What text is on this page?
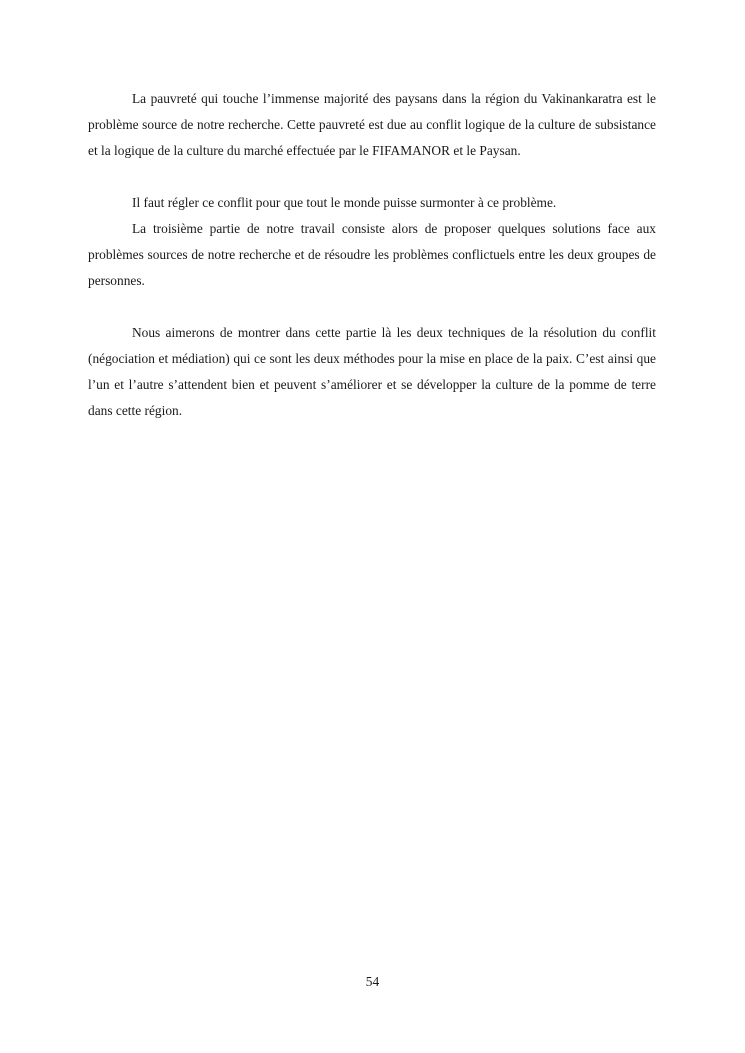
La pauvreté qui touche l’immense majorité des paysans dans la région du Vakinankaratra est le problème source de notre recherche. Cette pauvreté est due au conflit logique de la culture de subsistance et la logique de la culture du marché effectuée par le FIFAMANOR et le Paysan.

Il faut régler ce conflit pour que tout le monde puisse surmonter à ce problème.

La troisième partie de notre travail consiste alors de proposer quelques solutions face aux problèmes sources de notre recherche et de résoudre les problèmes conflictuels entre les deux groupes de personnes.

Nous aimerons de montrer dans cette partie là les deux techniques de la résolution du conflit (négociation et médiation) qui ce sont les deux méthodes pour la mise en place de la paix. C’est ainsi que l’un et l’autre s’attendent bien et peuvent s’améliorer et se développer la culture de la pomme de terre dans cette région.

54
